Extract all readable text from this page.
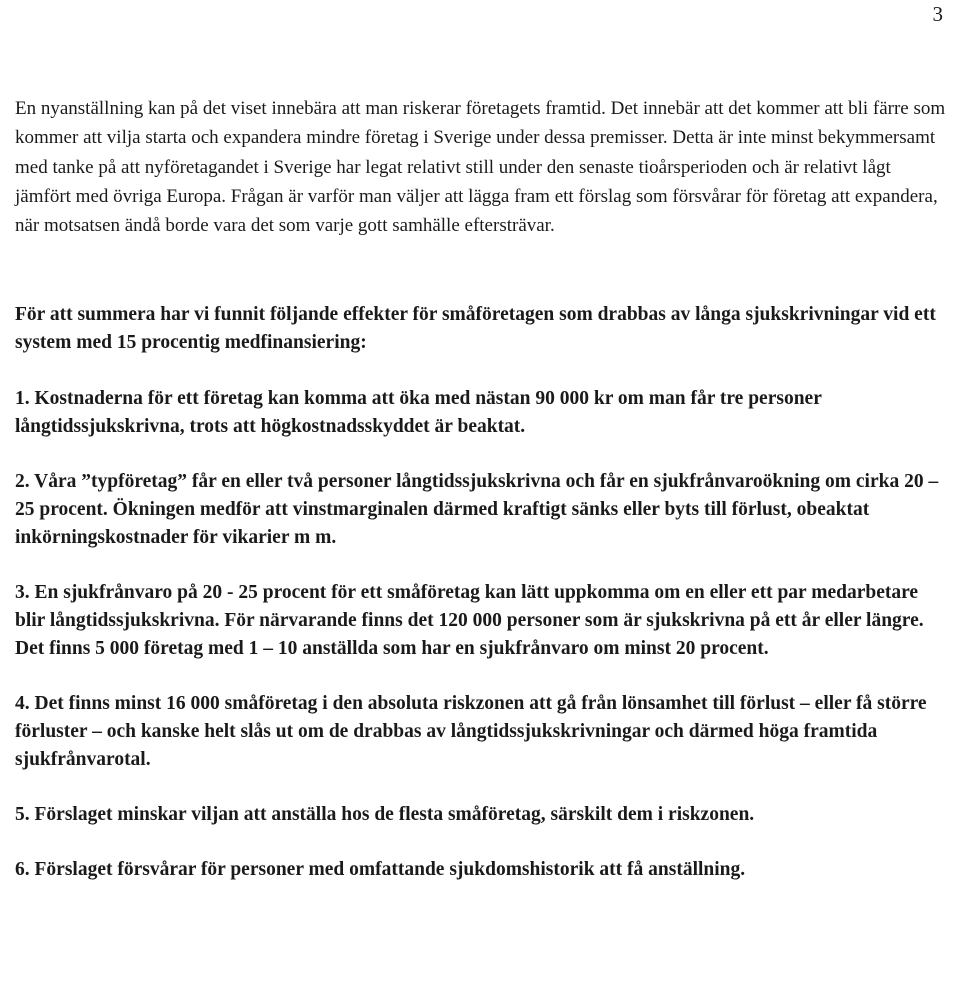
3

En nyanställning kan på det viset innebära att man riskerar företagets framtid. Det innebär att det kommer att bli färre som kommer att vilja starta och expandera mindre företag i Sverige under dessa premisser. Detta är inte minst bekymmersamt med tanke på att nyföretagandet i Sverige har legat relativt still under den senaste tioårsperioden och är relativt lågt jämfört med övriga Europa. Frågan är varför man väljer att lägga fram ett förslag som försvårar för företag att expandera, när motsatsen ändå borde vara det som varje gott samhälle eftersträvar.

För att summera har vi funnit följande effekter för småföretagen som drabbas av långa sjukskrivningar vid ett system med 15 procentig medfinansiering:

1. Kostnaderna för ett företag kan komma att öka med nästan 90 000 kr om man får tre personer långtidssjukskrivna, trots att högkostnadsskyddet är beaktat.

2. Våra ”typföretag” får en eller två personer långtidssjukskrivna och får en sjukfrånvaroökning om cirka 20 – 25 procent. Ökningen medför att vinstmarginalen därmed kraftigt sänks eller byts till förlust, obeaktat inkörningskostnader för vikarier m m.

3. En sjukfrånvaro på 20 - 25 procent för ett småföretag kan lätt uppkomma om en eller ett par medarbetare blir långtidssjukskrivna. För närvarande finns det 120 000 personer som är sjukskrivna på ett år eller längre. Det finns 5 000 företag med 1 – 10 anställda som har en sjukfrånvaro om minst 20 procent.

4. Det finns minst 16 000 småföretag i den absoluta riskzonen att gå från lönsamhet till förlust – eller få större förluster – och kanske helt slås ut om de drabbas av långtidssjukskrivningar och därmed höga framtida sjukfrånvarotal.

5. Förslaget minskar viljan att anställa hos de flesta småföretag, särskilt dem i riskzonen.

6. Förslaget försvårar för personer med omfattande sjukdomshistorik att få anställning.
